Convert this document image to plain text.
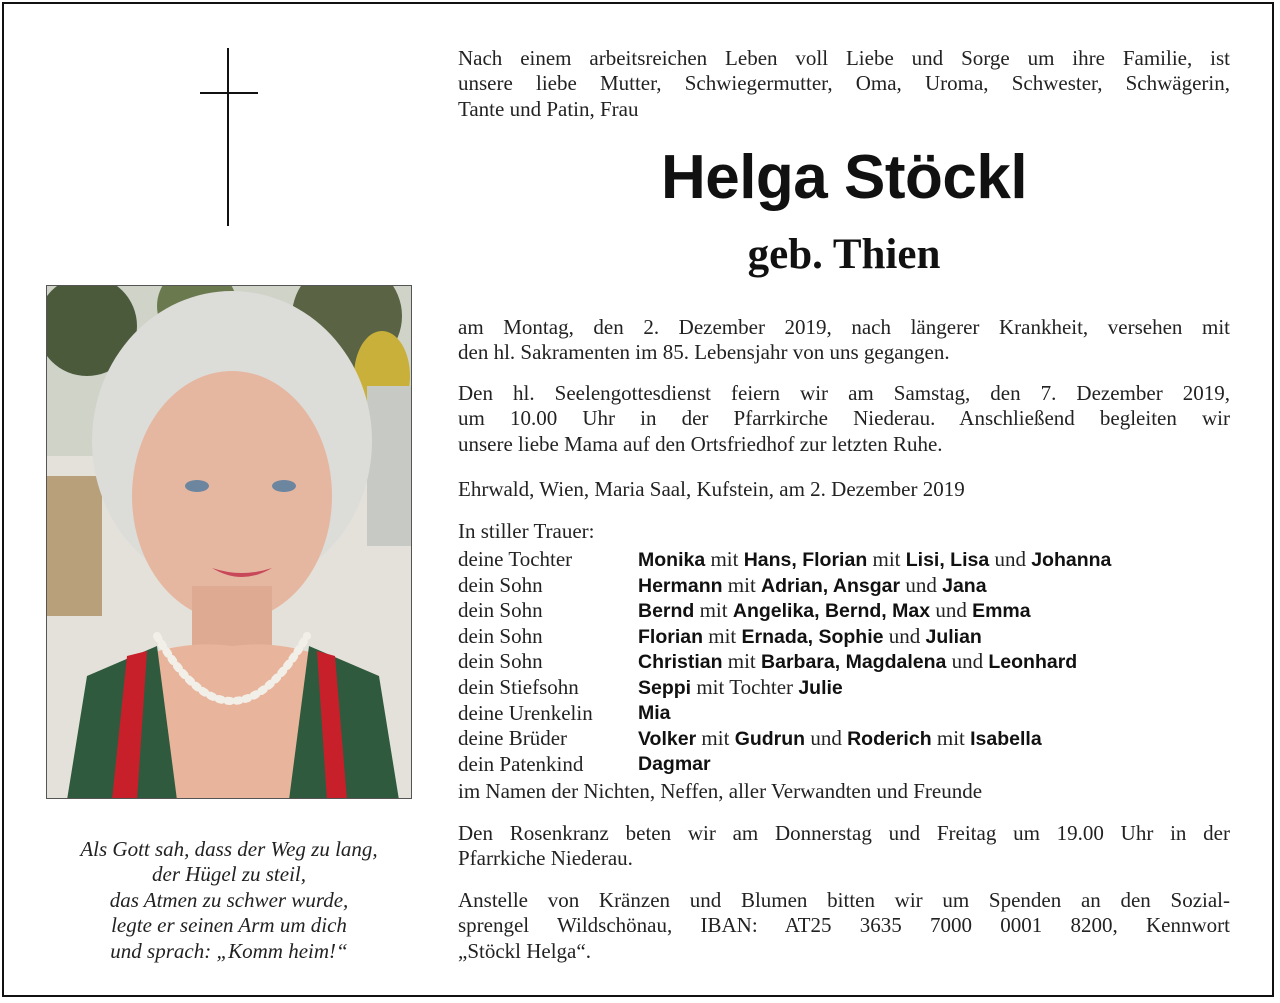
Als Gott sah, dass der Weg zu lang,
der Hügel zu steil,
das Atmen zu schwer wurde,
legte er seinen Arm um dich
und sprach: „Komm heim!“
Nach einem arbeitsreichen Leben voll Liebe und Sorge um ihre Familie, ist
unsere liebe Mutter, Schwiegermutter, Oma, Uroma, Schwester, Schwägerin,
Tante und Patin, Frau
Helga Stöckl
geb. Thien
am Montag, den 2. Dezember 2019, nach längerer Krankheit, versehen mit
den hl. Sakramenten im 85. Lebensjahr von uns gegangen.
Den hl. Seelengottesdienst feiern wir am Samstag, den 7. Dezember 2019,
um 10.00 Uhr in der Pfarrkirche Niederau. Anschließend begleiten wir
unsere liebe Mama auf den Ortsfriedhof zur letzten Ruhe.
Ehrwald, Wien, Maria Saal, Kufstein, am 2. Dezember 2019
In stiller Trauer:
deine Tochter	Monika mit Hans, Florian mit Lisi, Lisa und Johanna
dein Sohn	Hermann mit Adrian, Ansgar und Jana
dein Sohn	Bernd mit Angelika, Bernd, Max und Emma
dein Sohn	Florian mit Ernada, Sophie und Julian
dein Sohn	Christian mit Barbara, Magdalena und Leonhard
dein Stiefsohn	Seppi mit Tochter Julie
deine Urenkelin Mia
deine Brüder	Volker mit Gudrun und Roderich mit Isabella
dein Patenkind	Dagmar
im Namen der Nichten, Neffen, aller Verwandten und Freunde
Den Rosenkranz beten wir am Donnerstag und Freitag um 19.00 Uhr in der
Pfarrkiche Niederau.
Anstelle von Kränzen und Blumen bitten wir um Spenden an den Sozial-
sprengel Wildschönau, IBAN: AT25 3635 7000 0001 8200, Kennwort
„Stöckl Helga“.
